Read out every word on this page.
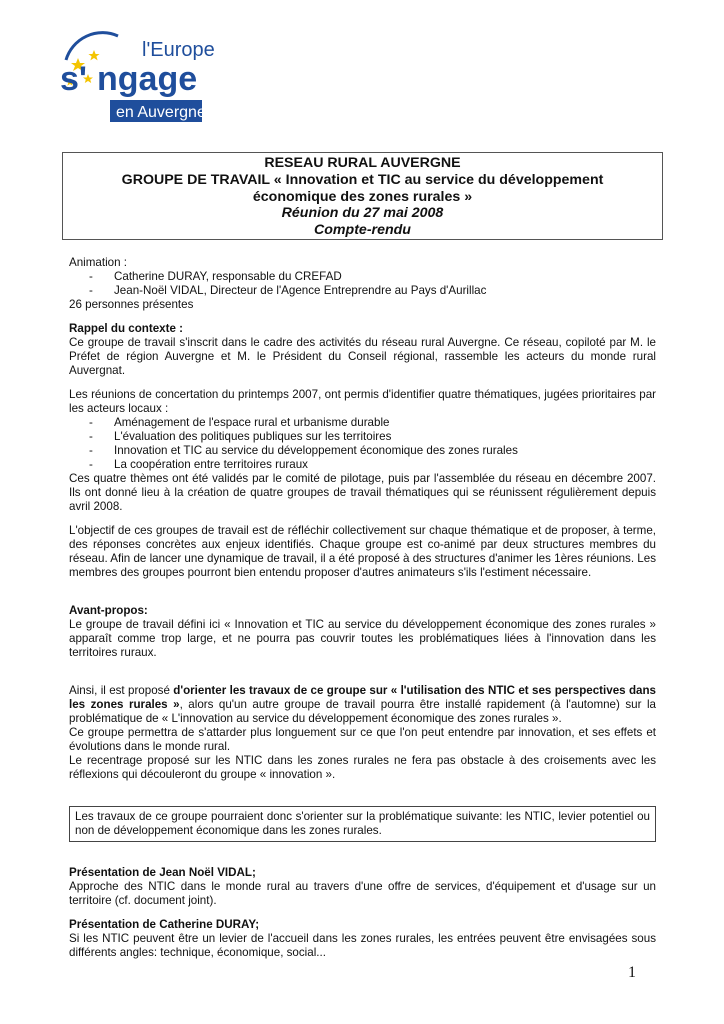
l'Europe
s' ngage
en Auvergne
RESEAU RURAL AUVERGNE
GROUPE DE TRAVAIL « Innovation et TIC au service du développement
économique des zones rurales »
Réunion du 27 mai 2008
Compte-rendu

Animation :

- Catherine DURAY, responsable du CREFAD
- Jean-Noël VIDAL, Directeur de l'Agence Entreprendre au Pays d'Aurillac

26 personnes présentes

Rappel du contexte :

Ce groupe de travail s'inscrit dans le cadre des activités du réseau rural Auvergne. Ce réseau, copiloté par M. le Préfet de région Auvergne et M. le Président du Conseil régional, rassemble les acteurs du monde rural Auvergnat.

Les réunions de concertation du printemps 2007, ont permis d'identifier quatre thématiques, jugées prioritaires par les acteurs locaux :

- Aménagement de l'espace rural et urbanisme durable
- L'évaluation des politiques publiques sur les territoires
- Innovation et TIC au service du développement économique des zones rurales
- La coopération entre territoires ruraux

Ces quatre thèmes ont été validés par le comité de pilotage, puis par l'assemblée du réseau en décembre 2007. Ils ont donné lieu à la création de quatre groupes de travail thématiques qui se réunissent régulièrement depuis avril 2008.

L'objectif de ces groupes de travail est de réfléchir collectivement sur chaque thématique et de proposer, à terme, des réponses concrètes aux enjeux identifiés. Chaque groupe est co-animé par deux structures membres du réseau. Afin de lancer une dynamique de travail, il a été proposé à des structures d'animer les 1ères réunions. Les membres des groupes pourront bien entendu proposer d'autres animateurs s'ils l'estiment nécessaire.

Avant-propos:

Le groupe de travail défini ici « Innovation et TIC au service du développement économique des zones rurales » apparaît comme trop large, et ne pourra pas couvrir toutes les problématiques liées à l'innovation dans les territoires ruraux.

Ainsi, il est proposé d'orienter les travaux de ce groupe sur « l'utilisation des NTIC et ses perspectives dans les zones rurales », alors qu'un autre groupe de travail pourra être installé rapidement (à l'automne) sur la problématique de « L'innovation au service du développement économique des zones rurales ».

Ce groupe permettra de s'attarder plus longuement sur ce que l'on peut entendre par innovation, et ses effets et évolutions dans le monde rural.

Le recentrage proposé sur les NTIC dans les zones rurales ne fera pas obstacle à des croisements avec les réflexions qui découleront du groupe « innovation ».

Les travaux de ce groupe pourraient donc s'orienter sur la problématique suivante: les NTIC, levier potentiel ou non de développement économique dans les zones rurales.

Présentation de Jean Noël VIDAL;

Approche des NTIC dans le monde rural au travers d'une offre de services, d'équipement et d'usage sur un territoire (cf. document joint).

Présentation de Catherine DURAY;

Si les NTIC peuvent être un levier de l'accueil dans les zones rurales, les entrées peuvent être envisagées sous différents angles: technique, économique, social...

1
